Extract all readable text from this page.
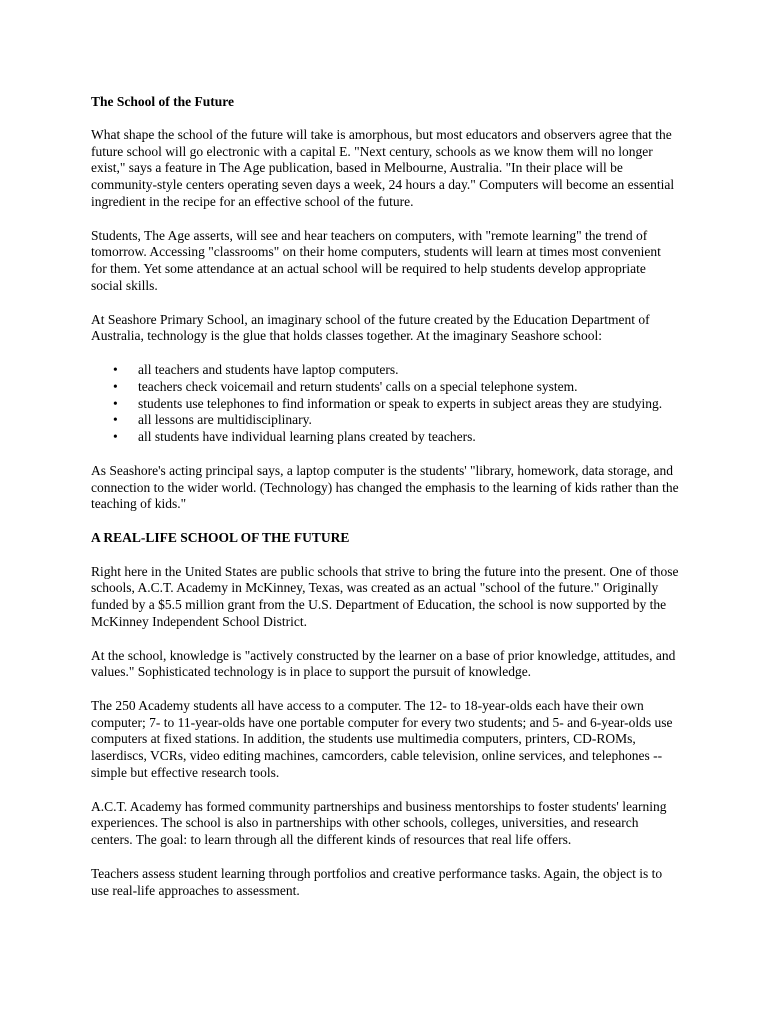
The School of the Future

What shape the school of the future will take is amorphous, but most educators and observers agree that the future school will go electronic with a capital E. "Next century, schools as we know them will no longer exist," says a feature in The Age publication, based in Melbourne, Australia. "In their place will be community-style centers operating seven days a week, 24 hours a day." Computers will become an essential ingredient in the recipe for an effective school of the future.

Students, The Age asserts, will see and hear teachers on computers, with "remote learning" the trend of tomorrow. Accessing "classrooms" on their home computers, students will learn at times most convenient for them. Yet some attendance at an actual school will be required to help students develop appropriate social skills.

At Seashore Primary School, an imaginary school of the future created by the Education Department of Australia, technology is the glue that holds classes together. At the imaginary Seashore school:

• all teachers and students have laptop computers.
• teachers check voicemail and return students' calls on a special telephone system.
• students use telephones to find information or speak to experts in subject areas they are studying.
• all lessons are multidisciplinary.
• all students have individual learning plans created by teachers.

As Seashore's acting principal says, a laptop computer is the students' "library, homework, data storage, and connection to the wider world. (Technology) has changed the emphasis to the learning of kids rather than the teaching of kids."

A REAL-LIFE SCHOOL OF THE FUTURE

Right here in the United States are public schools that strive to bring the future into the present. One of those schools, A.C.T. Academy in McKinney, Texas, was created as an actual "school of the future." Originally funded by a $5.5 million grant from the U.S. Department of Education, the school is now supported by the McKinney Independent School District.

At the school, knowledge is "actively constructed by the learner on a base of prior knowledge, attitudes, and values." Sophisticated technology is in place to support the pursuit of knowledge.

The 250 Academy students all have access to a computer. The 12- to 18-year-olds each have their own computer; 7- to 11-year-olds have one portable computer for every two students; and 5- and 6-year-olds use computers at fixed stations. In addition, the students use multimedia computers, printers, CD-ROMs, laserdiscs, VCRs, video editing machines, camcorders, cable television, online services, and telephones -- simple but effective research tools.

A.C.T. Academy has formed community partnerships and business mentorships to foster students' learning experiences. The school is also in partnerships with other schools, colleges, universities, and research centers. The goal: to learn through all the different kinds of resources that real life offers.

Teachers assess student learning through portfolios and creative performance tasks. Again, the object is to use real-life approaches to assessment.
